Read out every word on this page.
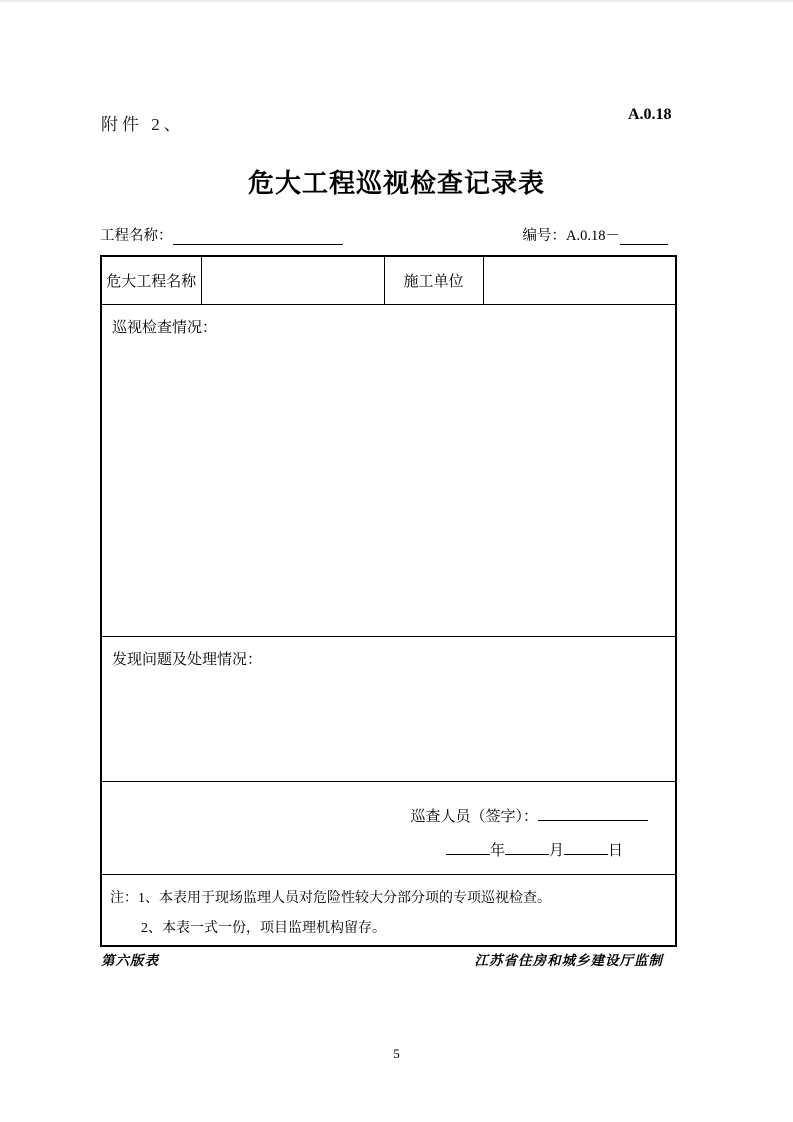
附件 2、
A.0.18
危大工程巡视检查记录表
工程名称：	编号：A.0.18－
危大工程名称		施工单位	
巡视检查情况：
发现问题及处理情况：

巡查人员（签字）：
年	月	日

注：1、本表用于现场监理人员对危险性较大分部分项的专项巡视检查。
2、本表一式一份，项目监理机构留存。
第六版表	江苏省住房和城乡建设厅监制
5
